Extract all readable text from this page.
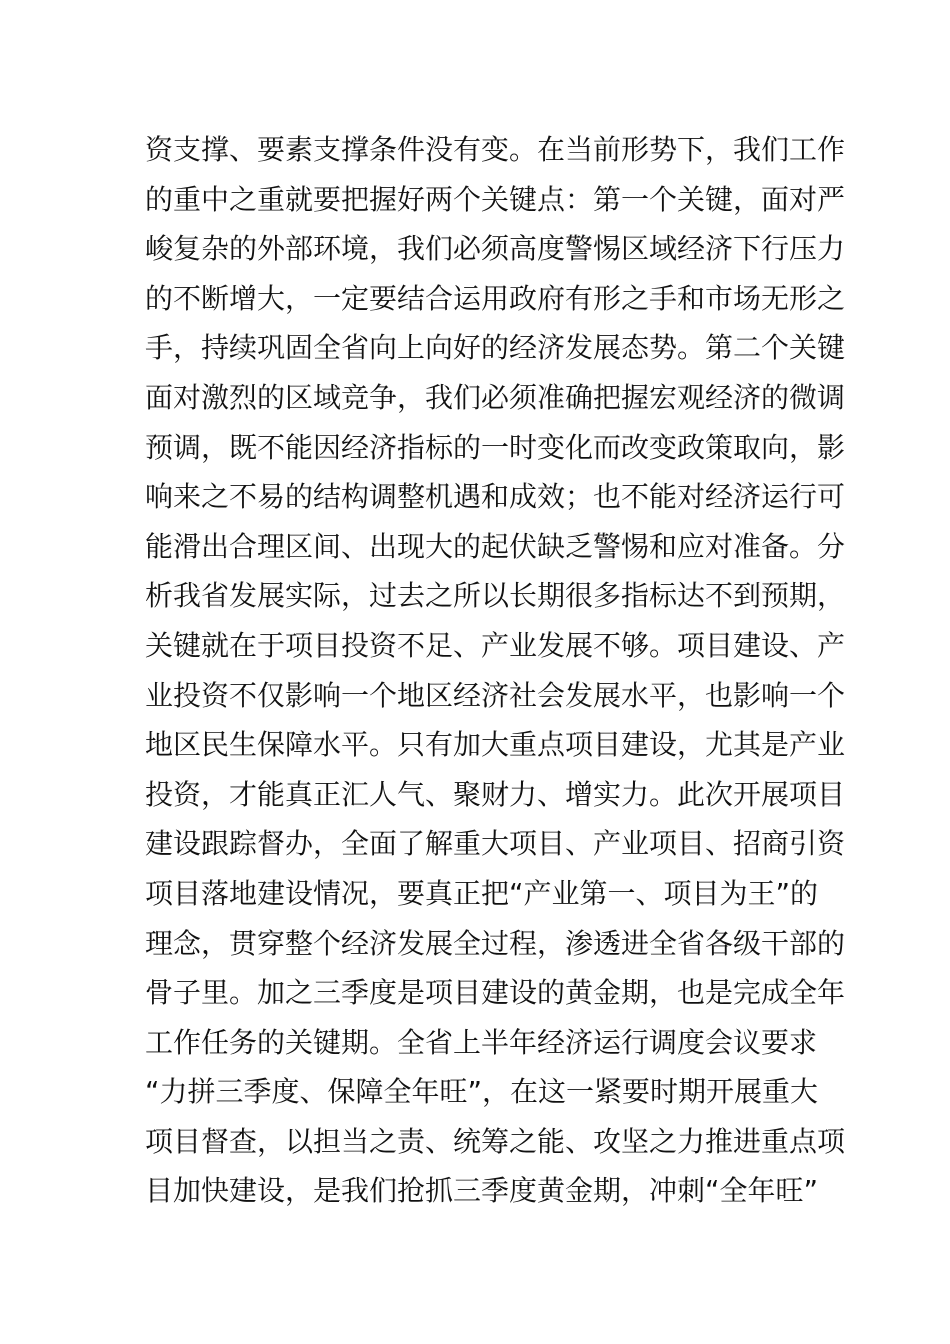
资支撑、要素支撑条件没有变。在当前形势下，我们工作
的重中之重就要把握好两个关键点：第一个关键，面对严
峻复杂的外部环境，我们必须高度警惕区域经济下行压力
的不断增大，一定要结合运用政府有形之手和市场无形之
手，持续巩固全省向上向好的经济发展态势。第二个关键
面对激烈的区域竞争，我们必须准确把握宏观经济的微调
预调，既不能因经济指标的一时变化而改变政策取向，影
响来之不易的结构调整机遇和成效；也不能对经济运行可
能滑出合理区间、出现大的起伏缺乏警惕和应对准备。分
析我省发展实际，过去之所以长期很多指标达不到预期，
关键就在于项目投资不足、产业发展不够。项目建设、产
业投资不仅影响一个地区经济社会发展水平，也影响一个
地区民生保障水平。只有加大重点项目建设，尤其是产业
投资，才能真正汇人气、聚财力、增实力。此次开展项目
建设跟踪督办，全面了解重大项目、产业项目、招商引资
项目落地建设情况，要真正把“产业第一、项目为王”的
理念，贯穿整个经济发展全过程，渗透进全省各级干部的
骨子里。加之三季度是项目建设的黄金期，也是完成全年
工作任务的关键期。全省上半年经济运行调度会议要求
“力拼三季度、保障全年旺”，在这一紧要时期开展重大
项目督查，以担当之责、统筹之能、攻坚之力推进重点项
目加快建设，是我们抢抓三季度黄金期，冲刺“全年旺”
